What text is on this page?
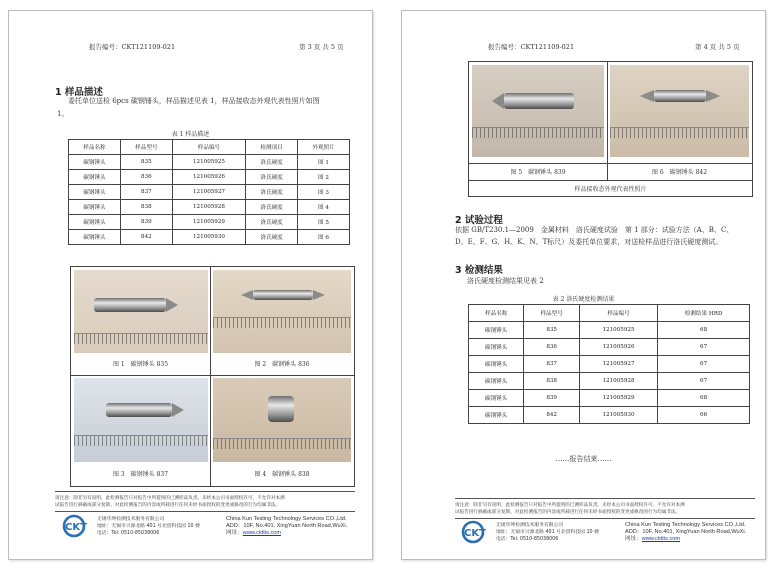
报告编号：CKT121109-021	第 3 页 共 5 页
1 样品描述
委托单位送检 6pcs 碳钢锤头，样品描述见表 1，样品接收态外观代表性照片如图
1。
表 1 样品描述
样品名称	样品型号	样品编号	检测项目	外观照片
碳钢锤头	835	121005925	洛氏硬度	图 1
碳钢锤头	836	121005926	洛氏硬度	图 2
碳钢锤头	837	121005927	洛氏硬度	图 3
碳钢锤头	838	121005928	洛氏硬度	图 4
碳钢锤头	839	121005929	洛氏硬度	图 5
碳钢锤头	842	121005930	洛氏硬度	图 6
图 1　碳钢锤头 835	图 2　碳钢锤头 836
图 3　碳钢锤头 837	图 4　碳钢锤头 838
请注意：除非另有说明，此检测报告只对报告中所提到的已测样品负责。未经本公司书面授权许可，不允许对本测
试报告进行摘截或部分复制。对此检测报告的内容或所载进行任何未经书面授权的变更或修改的行为均属非法。
CKT
无锡华坤检测技术服务有限公司
地址：无锡市兴源北路 401 号北创科技园 10 楼
电话：Tel: 0510-85038006
China Kun Testing Technology Services CO.,Ltd.
ADD：10F, No.401, XingYuan North Road,WuXi.
网址：www.ckttis.com
报告编号：CKT121109-021	第 4 页 共 5 页
图 5　碳钢锤头 839	图 6　碳钢锤头 842
样品接收态外观代表性照片
2 试验过程
依据 GB/T230.1—2009　金属材料　洛氏硬度试验　第 1 部分：试验方法（A、B、C、
D、E、F、G、H、K、N、T标尺）及委托单位要求，对送检样品进行洛氏硬度测试。
3 检测结果
洛氏硬度检测结果见表 2
表 2 洛氏硬度检测结果
样品名称	样品型号	样品编号	检测结果 HRD
碳钢锤头	835	121005925	68
碳钢锤头	836	121005926	67
碳钢锤头	837	121005927	67
碳钢锤头	838	121005928	67
碳钢锤头	839	121005929	68
碳钢锤头	842	121005930	66
……报告结束……
请注意：除非另有说明，此检测报告只对报告中所提到的已测样品负责。未经本公司书面授权许可，不允许对本测
试报告进行摘截或部分复制。对此检测报告的内容或所载进行任何未经书面授权的变更或修改的行为均属非法。
CKT
无锡华坤检测技术服务有限公司
地址：无锡市兴源北路 401 号北创科技园 10 楼
电话：Tel: 0510-85038006
China Kun Testing Technology Services CO.,Ltd.
ADD：10F, No.401, XingYuan North Road,WuXi.
网址：www.ckttis.com
